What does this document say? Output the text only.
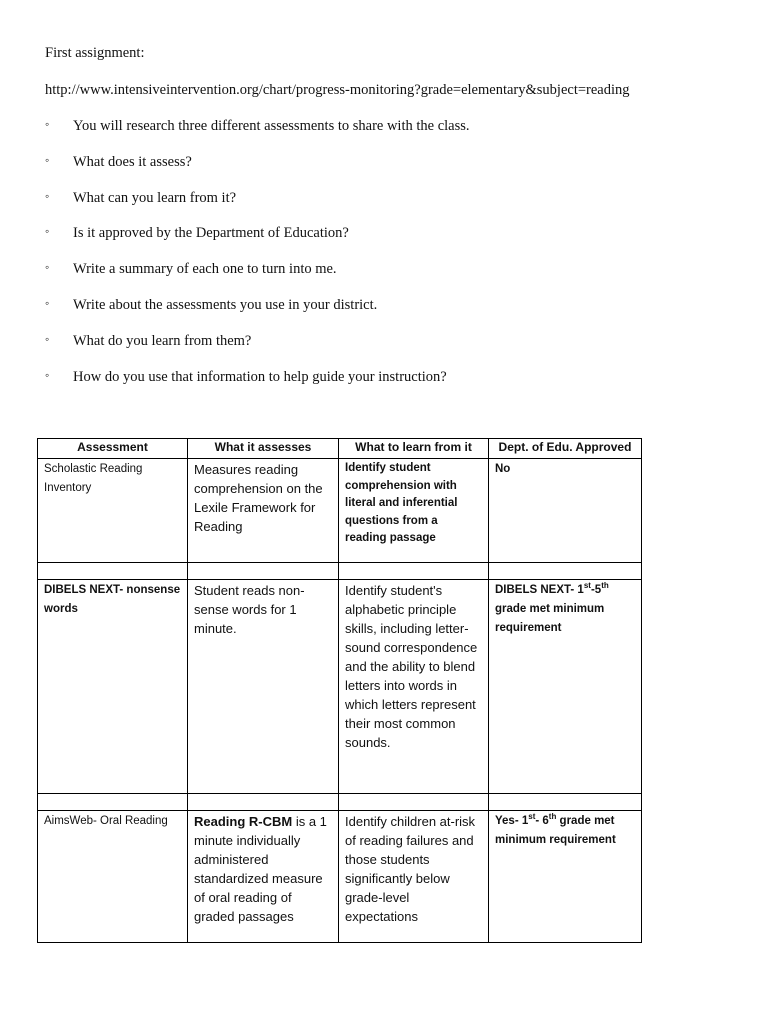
First assignment:
http://www.intensiveintervention.org/chart/progress-monitoring?grade=elementary&subject=reading
◦ You will research three different assessments to share with the class.
◦ What does it assess?
◦ What can you learn from it?
◦ Is it approved by the Department of Education?
◦ Write a summary of each one to turn into me.
◦ Write about the assessments you use in your district.
◦ What do you learn from them?
◦ How do you use that information to help guide your instruction?
Assessment	What it assesses	What to learn from it	Dept. of Edu. Approved
Scholastic Reading Inventory	Measures reading comprehension on the Lexile Framework for Reading	Identify student comprehension with literal and inferential questions from a reading passage	No

DIBELS NEXT- nonsense words	Student reads non-sense words for 1 minute.	Identify student's alphabetic principle skills, including letter-sound correspondence and the ability to blend letters into words in which letters represent their most common sounds.	DIBELS NEXT- 1st-5th grade met minimum requirement

AimsWeb- Oral Reading	Reading R-CBM is a 1 minute individually administered standardized measure of oral reading of graded passages	Identify children at-risk of reading failures and those students significantly below grade-level expectations	Yes- 1st- 6th grade met minimum requirement
